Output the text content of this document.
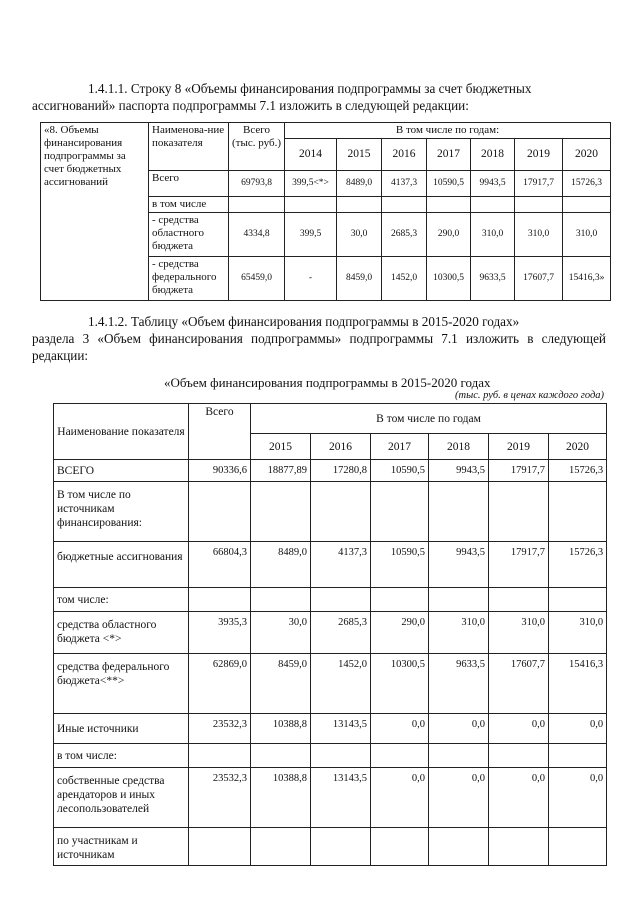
1.4.1.1. Строку 8 «Объемы финансирования подпрограммы за счет бюджетных
ассигнований» паспорта подпрограммы 7.1 изложить в следующей редакции:
«8. Объемы финансирования подпрограммы за счет бюджетных ассигнований	Наименова-ние показателя	Всего (тыс. руб.)	В том числе по годам:						
			2014	2015	2016	2017	2018	2019	2020
	Всего	69793,8	399,5<*>	8489,0	4137,3	10590,5	9943,5	17917,7	15726,3
	в том числе								
	- средства областного бюджета	4334,8	399,5	30,0	2685,3	290,0	310,0	310,0	310,0
	- средства федерального бюджета	65459,0	-	8459,0	1452,0	10300,5	9633,5	17607,7	15416,3»
1.4.1.2. Таблицу «Объем финансирования подпрограммы в 2015-2020 годах»
раздела 3 «Объем финансирования подпрограммы» подпрограммы 7.1 изложить в следующей редакции:
«Объем финансирования подпрограммы в 2015-2020 годах
(тыс. руб. в ценах каждого года)
Наименование показателя	Всего	В том числе по годам					
		2015	2016	2017	2018	2019	2020
ВСЕГО	90336,6	18877,89	17280,8	10590,5	9943,5	17917,7	15726,3
В том числе по источникам финансирования:							
бюджетные ассигнования	66804,3	8489,0	4137,3	10590,5	9943,5	17917,7	15726,3
том числе:							
средства областного бюджета <*>	3935,3	30,0	2685,3	290,0	310,0	310,0	310,0
средства федерального бюджета<**>	62869,0	8459,0	1452,0	10300,5	9633,5	17607,7	15416,3
Иные источники	23532,3	10388,8	13143,5	0,0	0,0	0,0	0,0
в том числе:							
собственные средства арендаторов и иных лесопользователей	23532,3	10388,8	13143,5	0,0	0,0	0,0	0,0
по участникам и источникам							
